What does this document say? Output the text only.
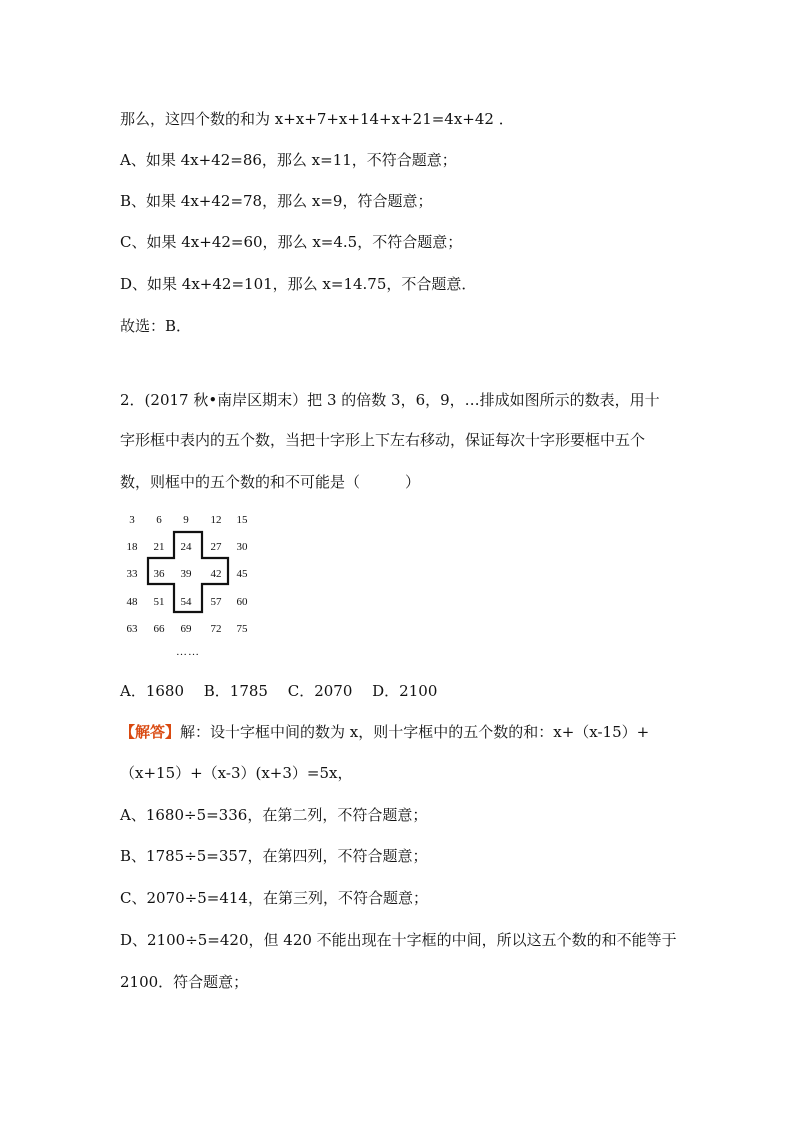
那么，这四个数的和为 x+x+7+x+14+x+21=4x+42 ．
A、如果 4x+42=86，那么 x=11，不符合题意；
B、如果 4x+42=78，那么 x=9，符合题意；
C、如果 4x+42=60，那么 x=4.5，不符合题意；
D、如果 4x+42=101，那么 x=14.75，不合题意．
故选：B．
2．(2017 秋•南岸区期末）把 3 的倍数 3，6，9，…排成如图所示的数表，用十
字形框中表内的五个数，当把十字形上下左右移动，保证每次十字形要框中五个
数，则框中的五个数的和不可能是（　　　）
3	6	9	12	15
18	21	24	27	30
33	36	39	42	45
48	51	54	57	60
63	66	69	72	75
……
A．1680　 B．1785　 C．2070　 D．2100
【解答】解：设十字框中间的数为 x，则十字框中的五个数的和：x+（x-15）+
（x+15）+（x-3）(x+3）=5x，
A、1680÷5=336，在第二列，不符合题意；
B、1785÷5=357，在第四列，不符合题意；
C、2070÷5=414，在第三列，不符合题意；
D、2100÷5=420，但 420 不能出现在十字框的中间，所以这五个数的和不能等于
2100．符合题意；
